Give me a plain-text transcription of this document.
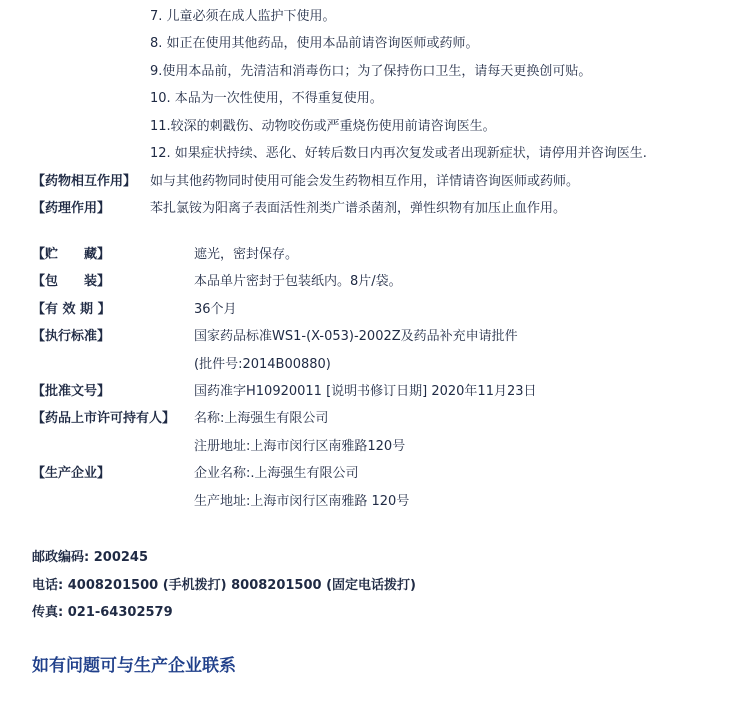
7. 儿童必须在成人监护下使用。
8. 如正在使用其他药品，使用本品前请咨询医师或药师。
9.使用本品前，先清洁和消毒伤口；为了保持伤口卫生，请每天更换创可贴。
10. 本品为一次性使用，不得重复使用。
11.较深的刺戳伤、动物咬伤或严重烧伤使用前请咨询医生。
12. 如果症状持续、恶化、好转后数日内再次复发或者出现新症状，请停用并咨询医生.
【药物相互作用】 如与其他药物同时使用可能会发生药物相互作用，详情请咨询医师或药师。
【药理作用】	苯扎氯铵为阳离子表面活性剂类广谱杀菌剂，弹性织物有加压止血作用。
【贮　　藏】	遮光，密封保存。
【包　　装】	本品单片密封于包装纸内。8片/袋。
【有 效 期 】	36个月
【执行标准】	国家药品标准WS1-(X-053)-2002Z及药品补充申请批件
(批件号:2014B00880)
【批准文号】	国药准字H10920011 [说明书修订日期] 2020年11月23日
【药品上市许可持有人】 名称:上海强生有限公司
注册地址:上海市闵行区南雅路120号
【生产企业】	企业名称:.上海强生有限公司
生产地址:上海市闵行区南雅路 120号
邮政编码: 200245
电话: 4008201500 (手机拨打) 8008201500 (固定电话拨打)
传真: 021-64302579
如有问题可与生产企业联系
